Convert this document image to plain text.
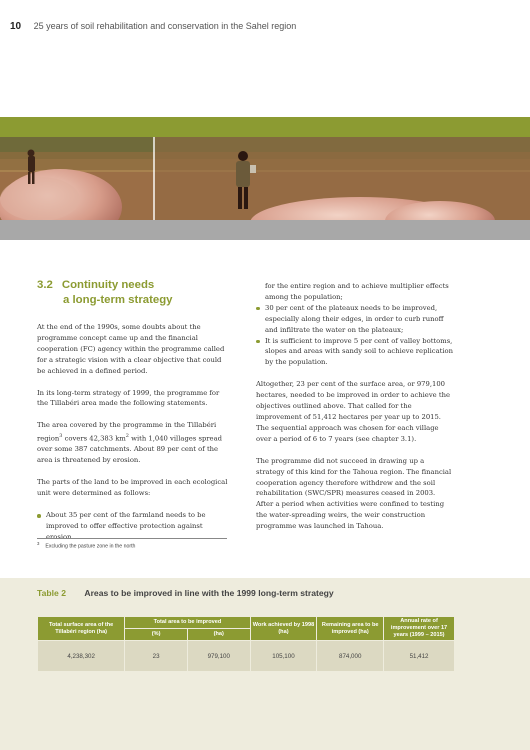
10 25 years of soil rehabilitation and conservation in the Sahel region
3.2 Continuity needs
a long-term strategy

At the end of the 1990s, some doubts about the programme concept came up and the financial cooperation (FC) agency within the programme called for a strategic vision with a clear objective that could be achieved in a defined period.

In its long-term strategy of 1999, the programme for the Tillabéri area made the following statements.

The area covered by the programme in the Tillabéri region$^3$ covers 42,383 $km^2$ with 1,040 villages spread over some 387 catchments. About 89 per cent of the area is threatened by erosion.

The parts of the land to be improved in each ecological unit were determined as follows:

About 35 per cent of the farmland needs to be improved to offer effective protection against erosion

for the entire region and to achieve multiplier effects among the population;

30 per cent of the plateaux needs to be improved, especially along their edges, in order to curb runoff and infiltrate the water on the plateaux;
It is sufficient to improve 5 per cent of valley bottoms, slopes and areas with sandy soil to achieve replication by the population.

Altogether, 23 per cent of the surface area, or 979,100 hectares, needed to be improved in order to achieve the objectives outlined above. That called for the improvement of 51,412 hectares per year up to 2015. The sequential approach was chosen for each village over a period of 6 to 7 years (see chapter 3.1).

The programme did not succeed in drawing up a strategy of this kind for the Tahoua region. The financial cooperation agency therefore withdrew and the soil rehabilitation (SWC/SPR) measures ceased in 2003. After a period when activities were confined to testing the water-spreading weirs, the weir construction programme was launched in Tahoua.

$^3$Excluding the pasture zone in the north
Table 2 Areas to be improved in line with the 1999 long-term strategy
Total surface area of the Tillabéri region (ha)	Total area to be improved		Work achieved by 1998 (ha)	Remaining area to be improved (ha)	Annual rate of improvement over 17 years (1999 – 2015)
	(%)	(ha)			
4,238,302	23	979,100	105,100	874,000	51,412
